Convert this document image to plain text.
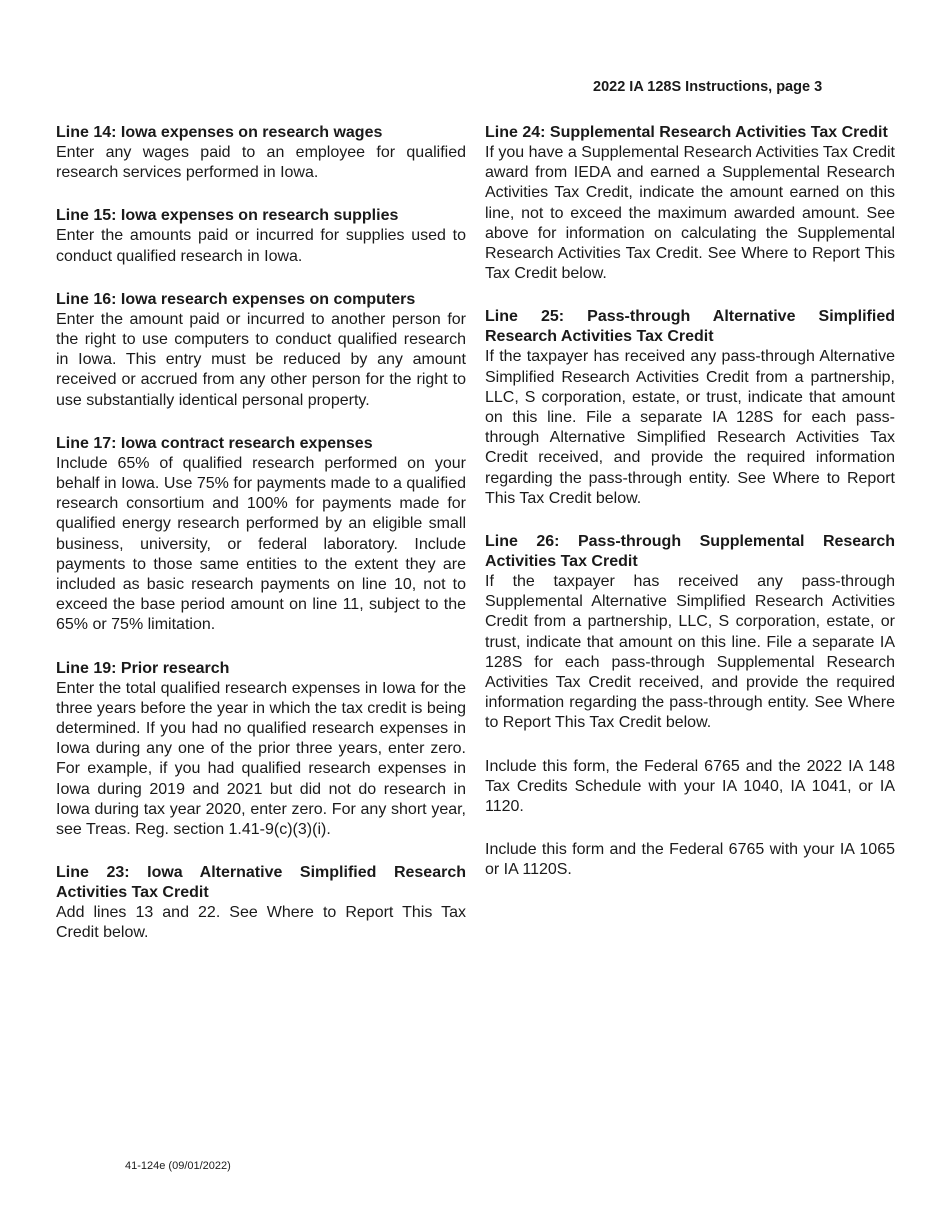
2022 IA 128S Instructions, page 3
Line 14: Iowa expenses on research wages

Enter any wages paid to an employee for qualified research services performed in Iowa.

Line 15: Iowa expenses on research supplies

Enter the amounts paid or incurred for supplies used to conduct qualified research in Iowa.

Line 16: Iowa research expenses on computers

Enter the amount paid or incurred to another person for the right to use computers to conduct qualified research in Iowa. This entry must be reduced by any amount received or accrued from any other person for the right to use substantially identical personal property.

Line 17: Iowa contract research expenses

Include 65% of qualified research performed on your behalf in Iowa. Use 75% for payments made to a qualified research consortium and 100% for payments made for qualified energy research performed by an eligible small business, university, or federal laboratory. Include payments to those same entities to the extent they are included as basic research payments on line 10, not to exceed the base period amount on line 11, subject to the 65% or 75% limitation.

Line 19: Prior research

Enter the total qualified research expenses in Iowa for the three years before the year in which the tax credit is being determined. If you had no qualified research expenses in Iowa during any one of the prior three years, enter zero. For example, if you had qualified research expenses in Iowa during 2019 and 2021 but did not do research in Iowa during tax year 2020, enter zero. For any short year, see Treas. Reg. section 1.41-9(c)(3)(i).

Line 23: Iowa Alternative Simplified Research Activities Tax Credit

Add lines 13 and 22. See Where to Report This Tax Credit below.

Line 24: Supplemental Research Activities Tax Credit

If you have a Supplemental Research Activities Tax Credit award from IEDA and earned a Supplemental Research Activities Tax Credit, indicate the amount earned on this line, not to exceed the maximum awarded amount. See above for information on calculating the Supplemental Research Activities Tax Credit. See Where to Report This Tax Credit below.

Line 25: Pass-through Alternative Simplified Research Activities Tax Credit

If the taxpayer has received any pass-through Alternative Simplified Research Activities Credit from a partnership, LLC, S corporation, estate, or trust, indicate that amount on this line. File a separate IA 128S for each pass-through Alternative Simplified Research Activities Tax Credit received, and provide the required information regarding the pass-through entity. See Where to Report This Tax Credit below.

Line 26: Pass-through Supplemental Research Activities Tax Credit

If the taxpayer has received any pass-through Supplemental Alternative Simplified Research Activities Credit from a partnership, LLC, S corporation, estate, or trust, indicate that amount on this line. File a separate IA 128S for each pass-through Supplemental Research Activities Tax Credit received, and provide the required information regarding the pass-through entity. See Where to Report This Tax Credit below.

Include this form, the Federal 6765 and the 2022 IA 148 Tax Credits Schedule with your IA 1040, IA 1041, or IA 1120.

Include this form and the Federal 6765 with your IA 1065 or IA 1120S.

41-124e (09/01/2022)
